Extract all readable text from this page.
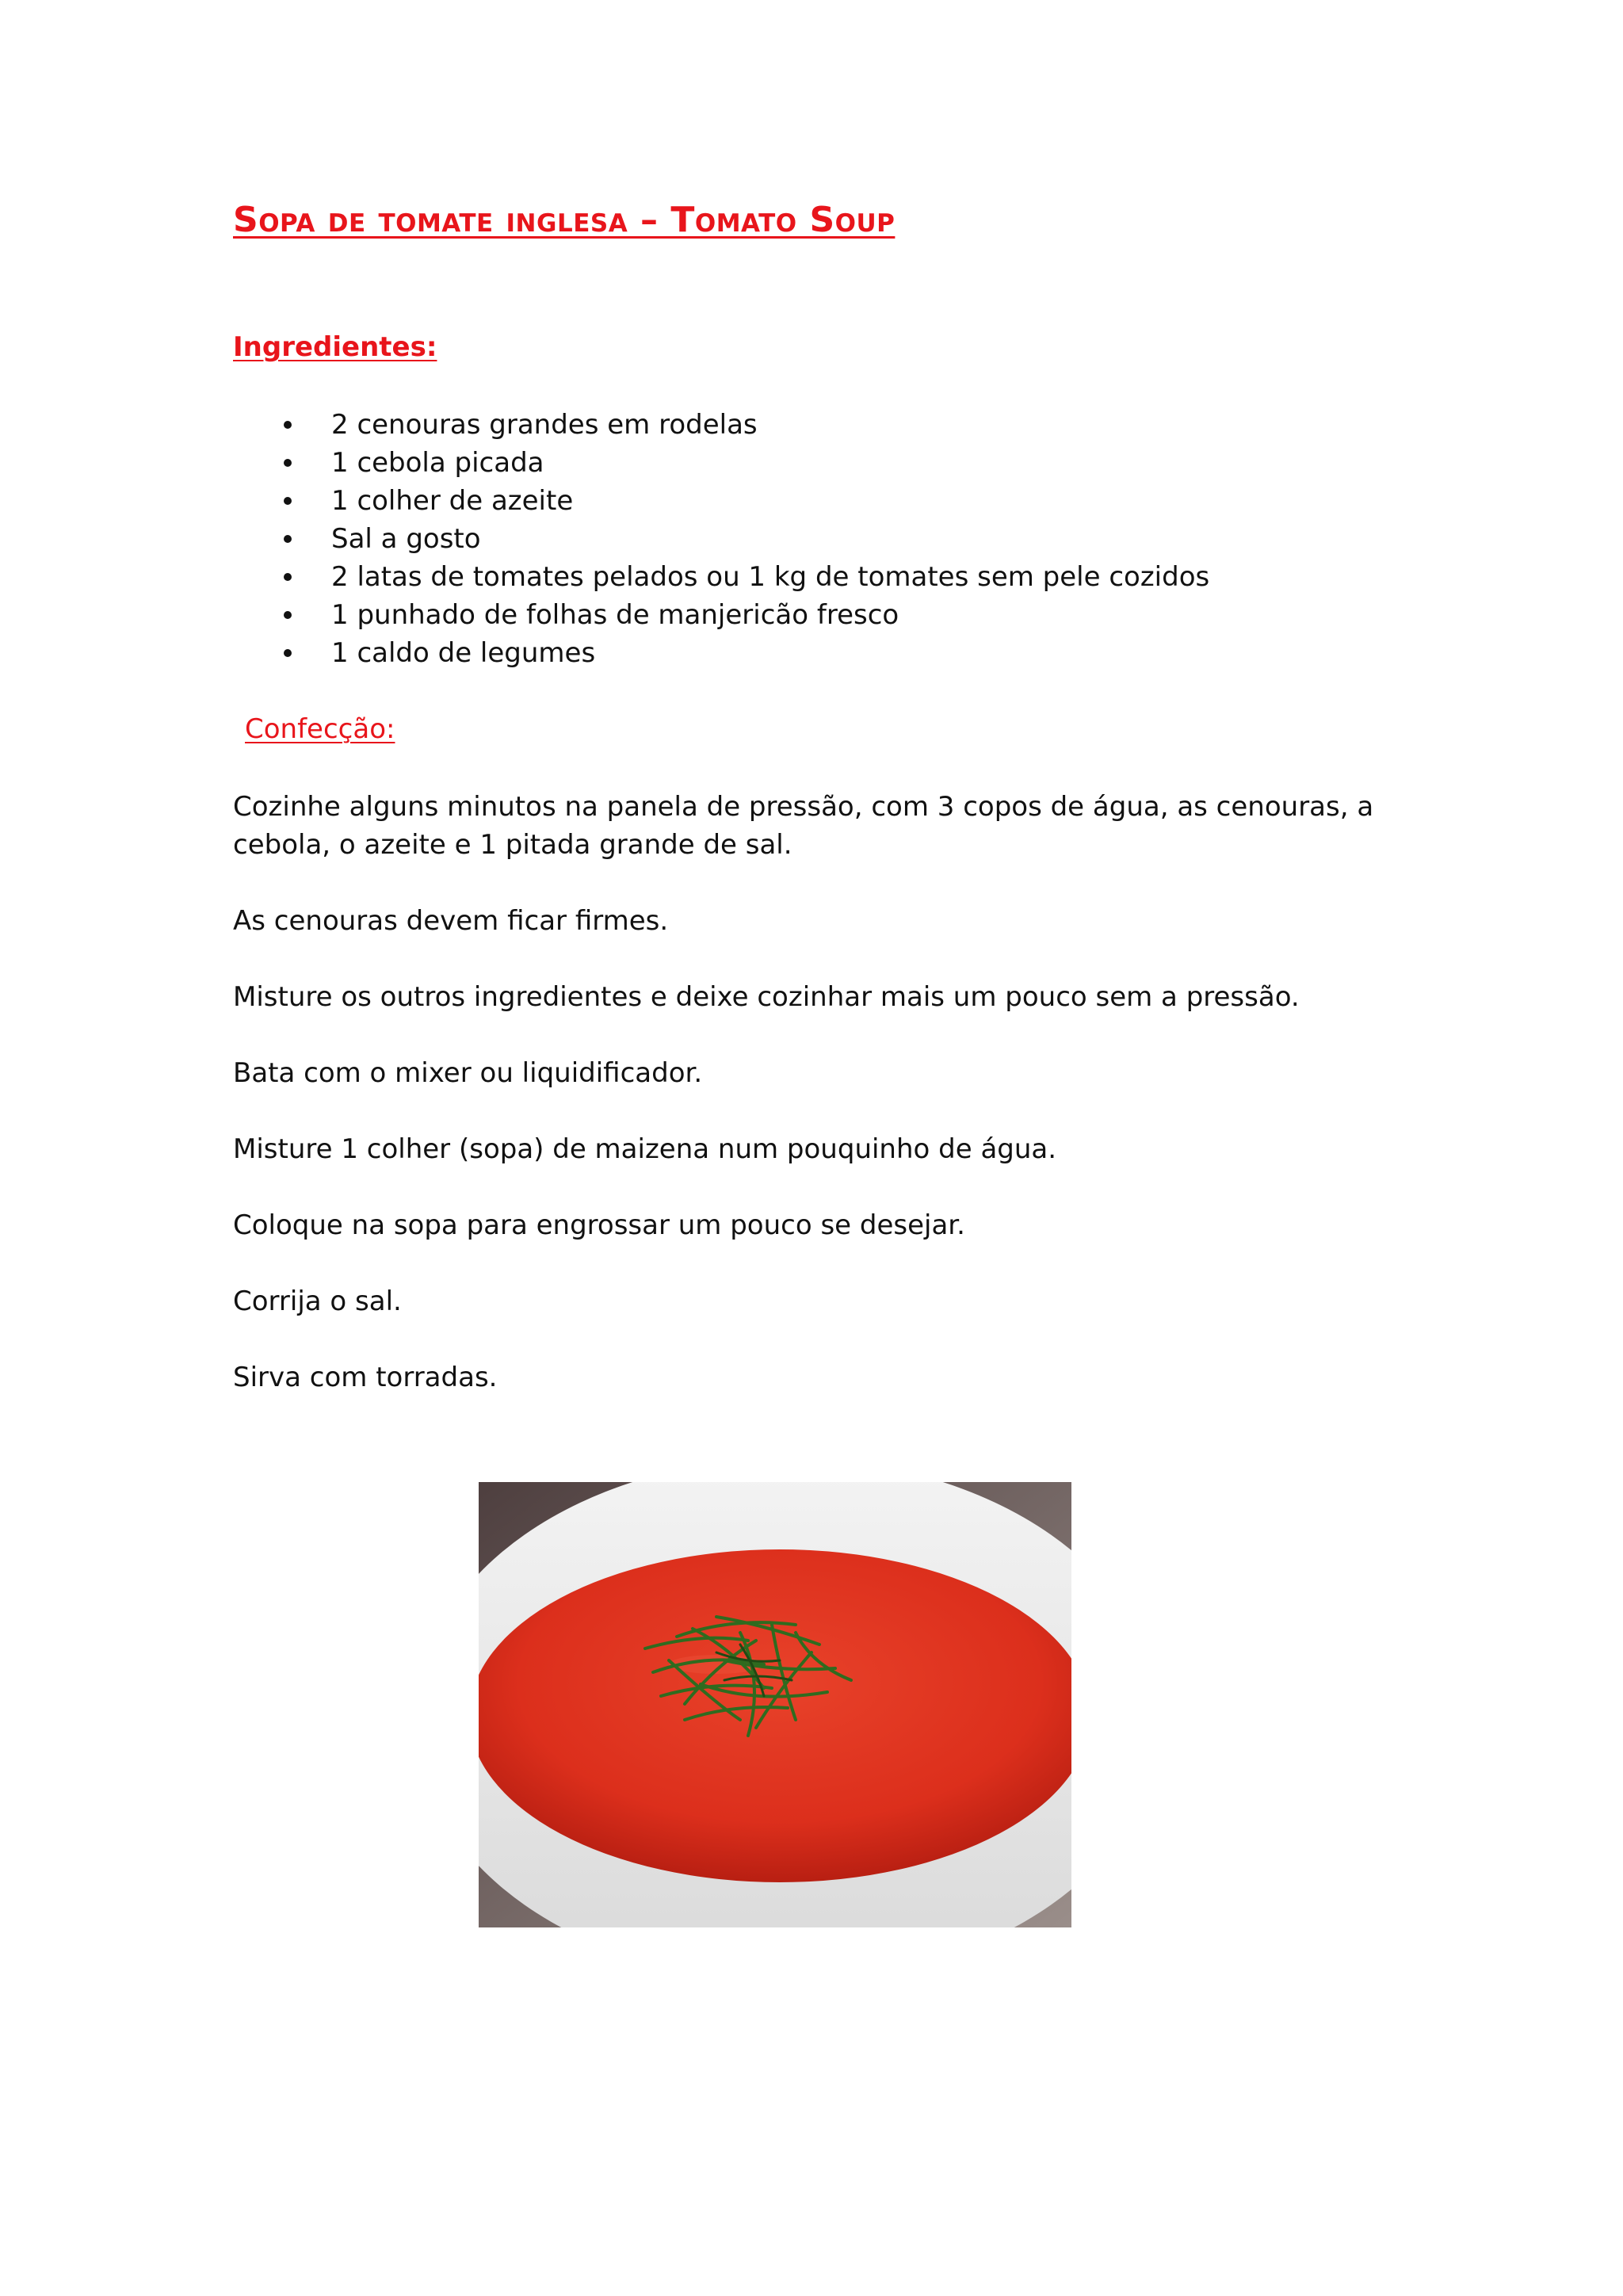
Sopa de tomate inglesa – Tomato Soup
Ingredientes:
2 cenouras grandes em rodelas
1 cebola picada
1 colher de azeite
Sal a gosto
2 latas de tomates pelados ou 1 kg de tomates sem pele cozidos
1 punhado de folhas de manjericão fresco
1 caldo de legumes
Confecção:

Cozinhe alguns minutos na panela de pressão, com 3 copos de água, as cenouras, a cebola, o azeite e 1 pitada grande de sal.

As cenouras devem ficar firmes.

Misture os outros ingredientes e deixe cozinhar mais um pouco sem a pressão.

Bata com o mixer ou liquidificador.

Misture 1 colher (sopa) de maizena num pouquinho de água.

Coloque na sopa para engrossar um pouco se desejar.

Corrija o sal.

Sirva com torradas.
